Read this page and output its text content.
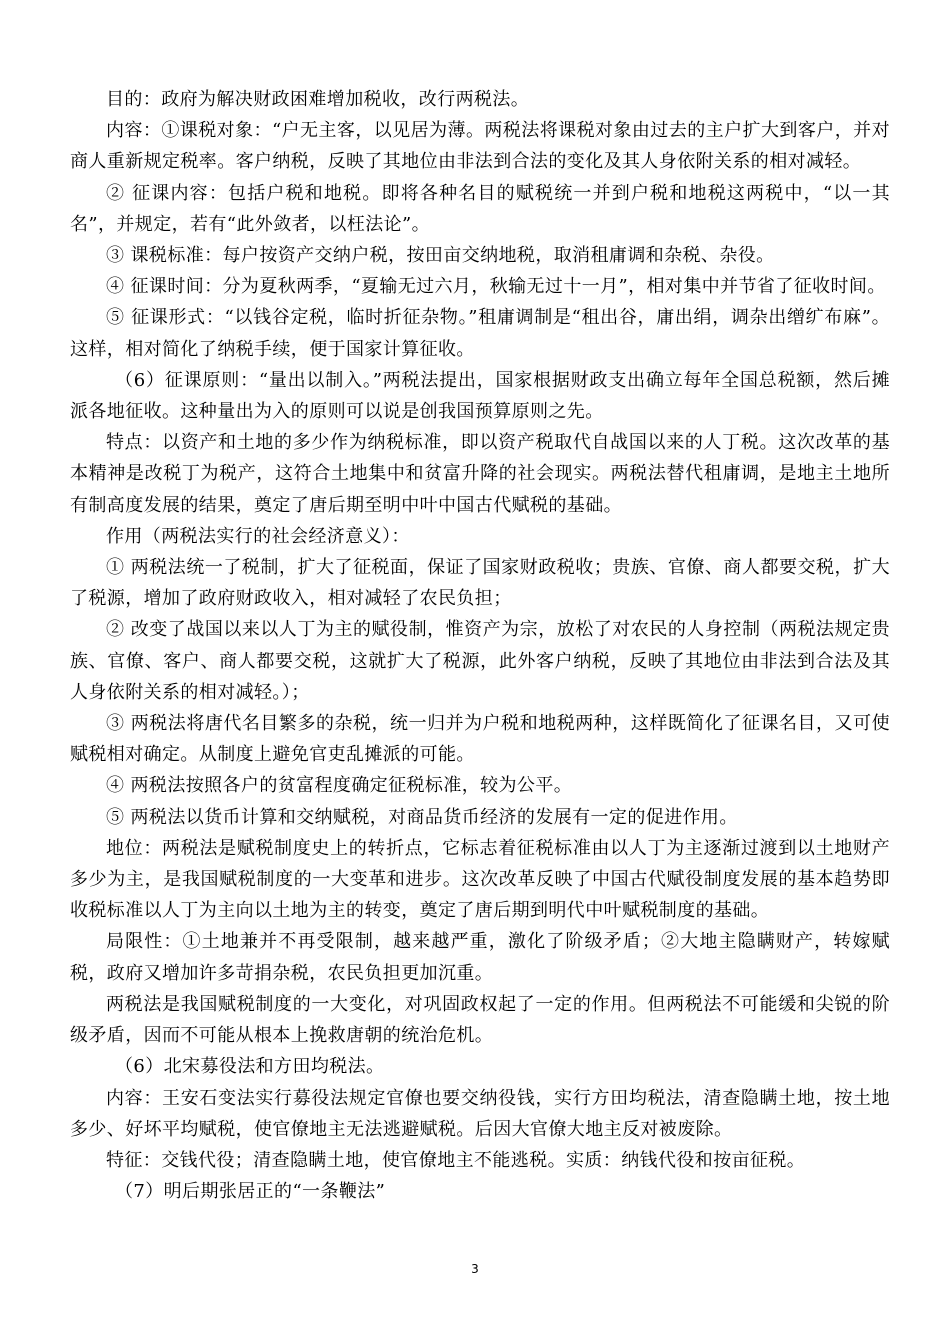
目的：政府为解决财政困难增加税收，改行两税法。

内容：①课税对象：“户无主客，以见居为薄。两税法将课税对象由过去的主户扩大到客户，并对商人重新规定税率。客户纳税，反映了其地位由非法到合法的变化及其人身依附关系的相对减轻。

② 征课内容：包括户税和地税。即将各种名目的赋税统一并到户税和地税这两税中，“以一其名”，并规定，若有“此外敛者，以枉法论”。

③ 课税标准：每户按资产交纳户税，按田亩交纳地税，取消租庸调和杂税、杂役。

④ 征课时间：分为夏秋两季，“夏输无过六月，秋输无过十一月”，相对集中并节省了征收时间。

⑤ 征课形式：“以钱谷定税，临时折征杂物。”租庸调制是“租出谷，庸出绢，调杂出缯纩布麻”。这样，相对简化了纳税手续，便于国家计算征收。

（6）征课原则：“量出以制入。”两税法提出，国家根据财政支出确立每年全国总税额，然后摊派各地征收。这种量出为入的原则可以说是创我国预算原则之先。

特点：以资产和土地的多少作为纳税标准，即以资产税取代自战国以来的人丁税。这次改革的基本精神是改税丁为税产，这符合土地集中和贫富升降的社会现实。两税法替代租庸调，是地主土地所有制高度发展的结果，奠定了唐后期至明中叶中国古代赋税的基础。

作用（两税法实行的社会经济意义）：

① 两税法统一了税制，扩大了征税面，保证了国家财政税收；贵族、官僚、商人都要交税，扩大了税源，增加了政府财政收入，相对减轻了农民负担；

② 改变了战国以来以人丁为主的赋役制，惟资产为宗，放松了对农民的人身控制（两税法规定贵族、官僚、客户、商人都要交税，这就扩大了税源，此外客户纳税，反映了其地位由非法到合法及其人身依附关系的相对减轻。）；

③ 两税法将唐代名目繁多的杂税，统一归并为户税和地税两种，这样既简化了征课名目，又可使赋税相对确定。从制度上避免官吏乱摊派的可能。

④ 两税法按照各户的贫富程度确定征税标准，较为公平。

⑤ 两税法以货币计算和交纳赋税，对商品货币经济的发展有一定的促进作用。

地位：两税法是赋税制度史上的转折点，它标志着征税标准由以人丁为主逐渐过渡到以土地财产多少为主，是我国赋税制度的一大变革和进步。这次改革反映了中国古代赋役制度发展的基本趋势即收税标准以人丁为主向以土地为主的转变，奠定了唐后期到明代中叶赋税制度的基础。

局限性：①土地兼并不再受限制，越来越严重，激化了阶级矛盾；②大地主隐瞒财产，转嫁赋税，政府又增加许多苛捐杂税，农民负担更加沉重。

两税法是我国赋税制度的一大变化，对巩固政权起了一定的作用。但两税法不可能缓和尖锐的阶级矛盾，因而不可能从根本上挽救唐朝的统治危机。

（6）北宋募役法和方田均税法。

内容：王安石变法实行募役法规定官僚也要交纳役钱，实行方田均税法，清查隐瞒土地，按土地多少、好坏平均赋税，使官僚地主无法逃避赋税。后因大官僚大地主反对被废除。

特征：交钱代役；清查隐瞒土地，使官僚地主不能逃税。实质：纳钱代役和按亩征税。

（7）明后期张居正的“一条鞭法”

3
